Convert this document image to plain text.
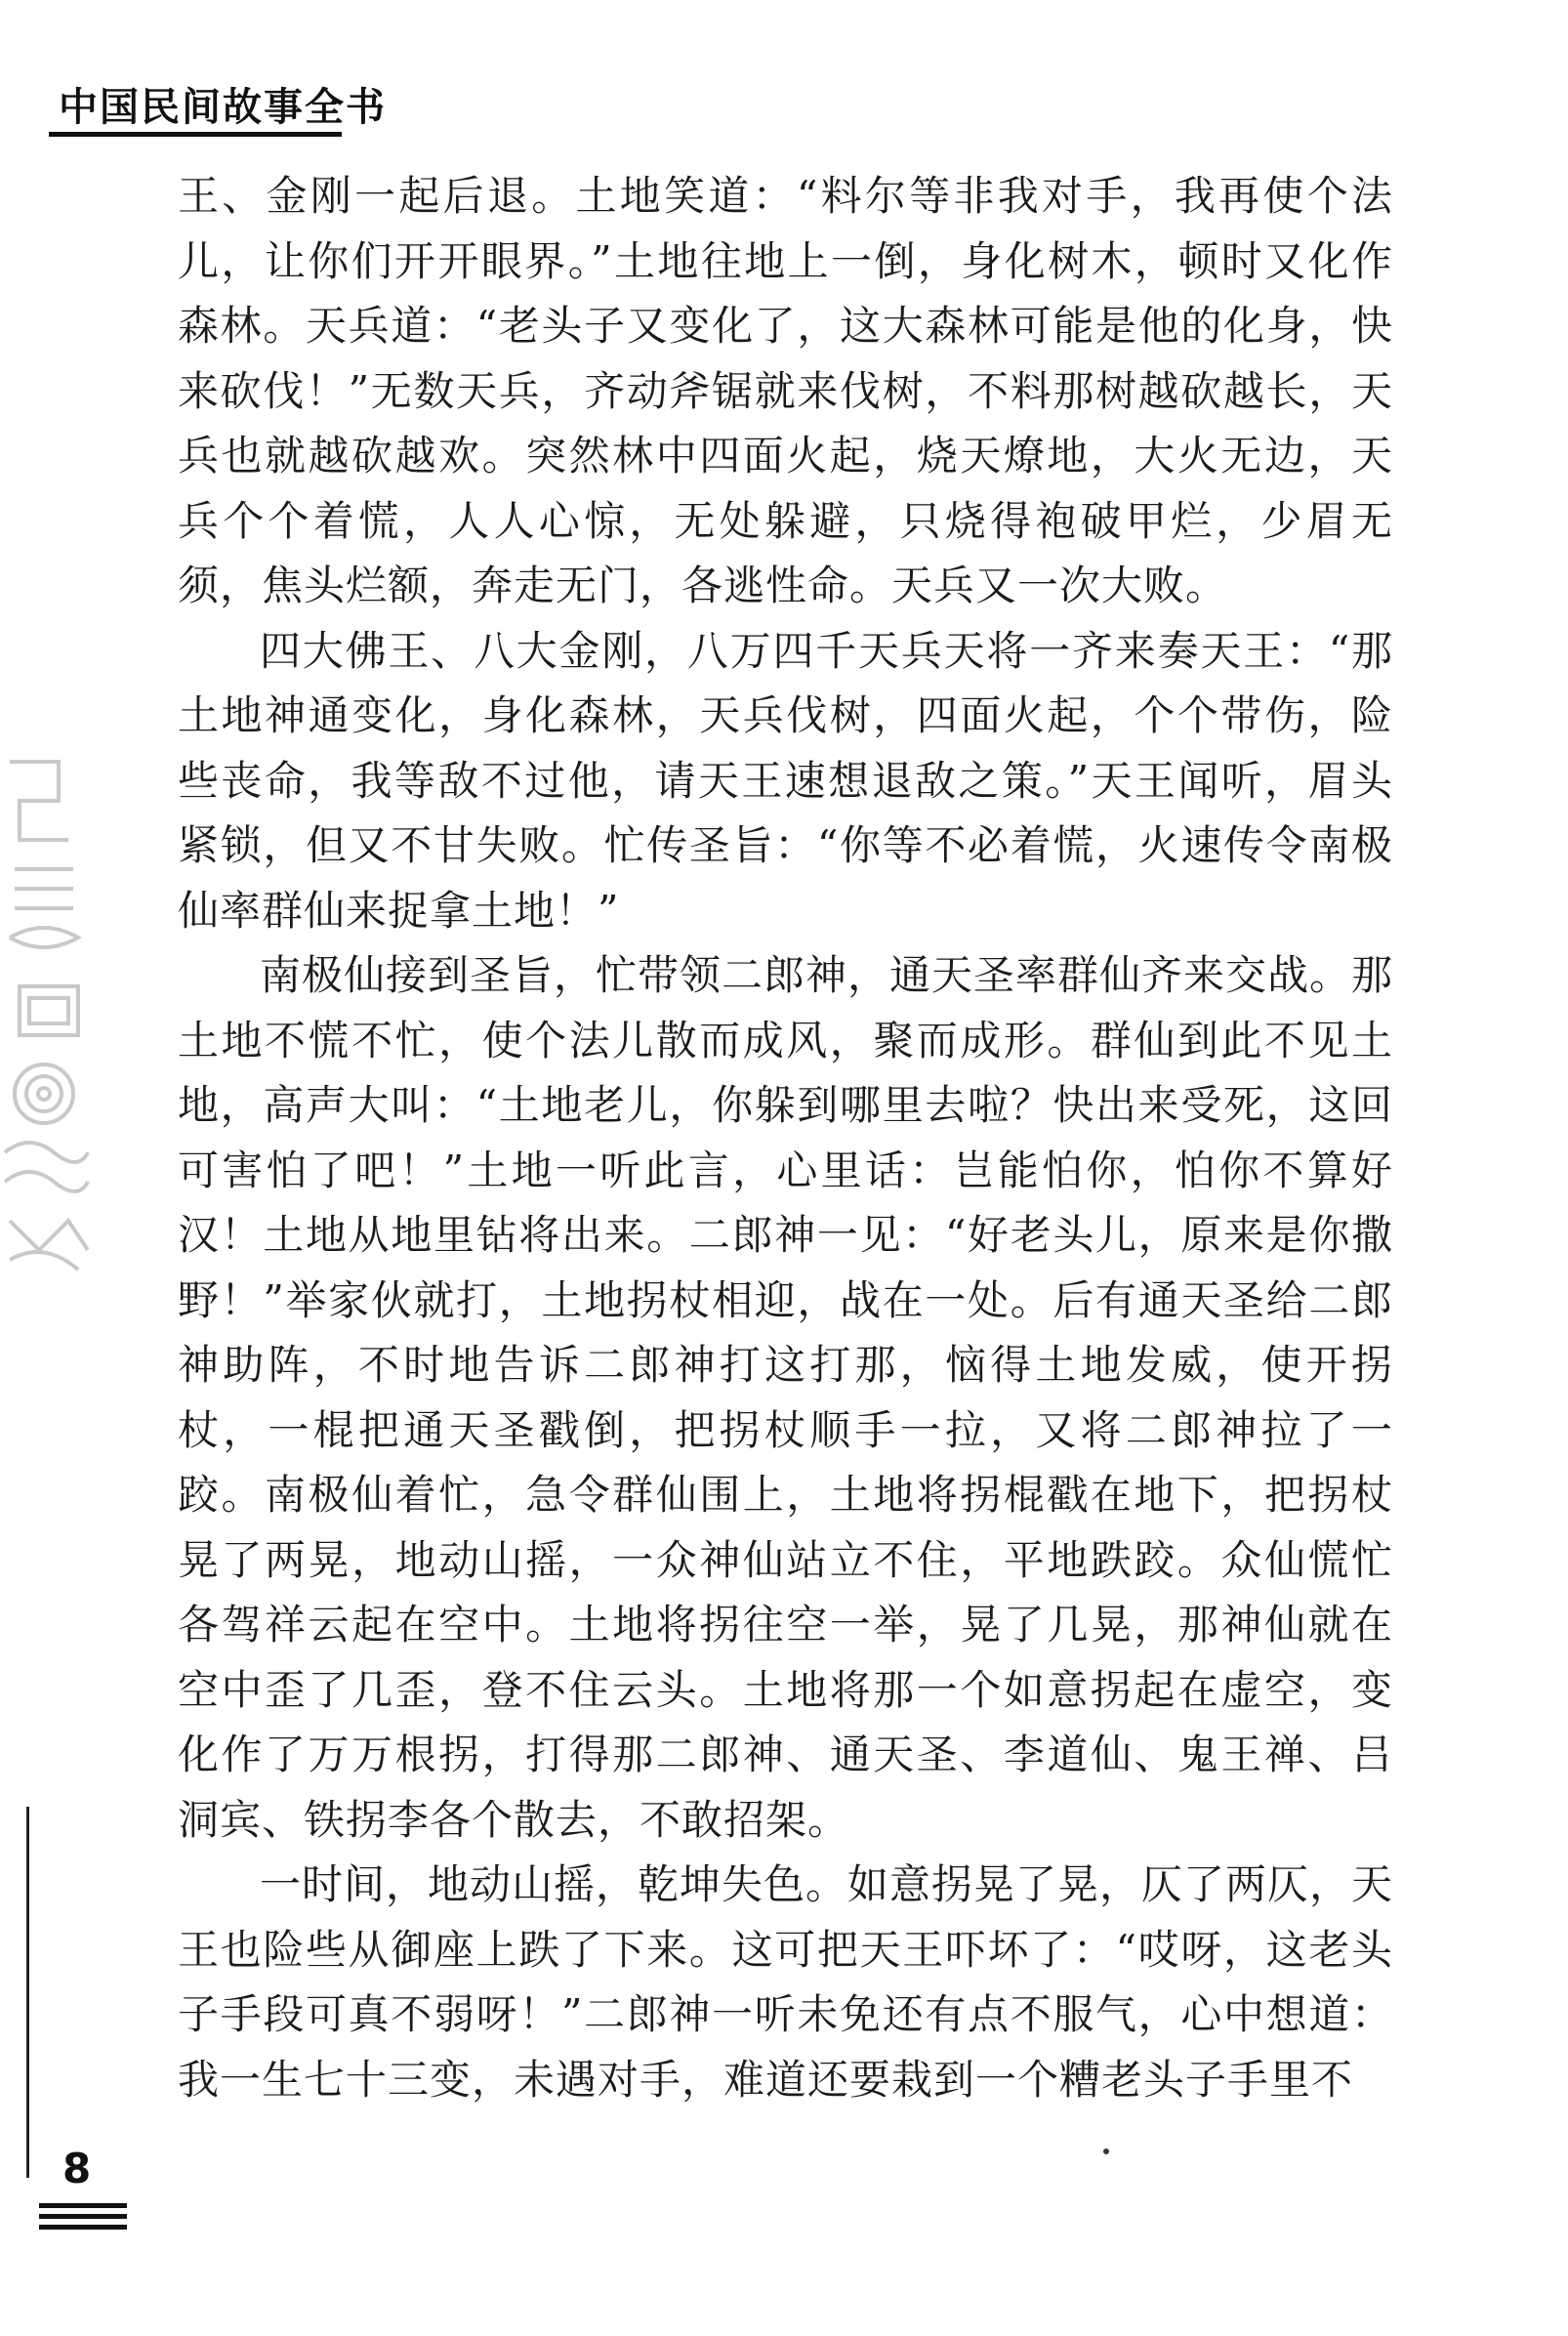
中国民间故事全书

王、金刚一起后退。土地笑道：“料尔等非我对手，我再使个法儿，让你们开开眼界。”土地往地上一倒，身化树木，顿时又化作森林。天兵道：“老头子又变化了，这大森林可能是他的化身，快来砍伐！”无数天兵，齐动斧锯就来伐树，不料那树越砍越长，天兵也就越砍越欢。突然林中四面火起，烧天燎地，大火无边，天兵个个着慌，人人心惊，无处躲避，只烧得袍破甲烂，少眉无须，焦头烂额，奔走无门，各逃性命。天兵又一次大败。

四大佛王、八大金刚，八万四千天兵天将一齐来奏天王：“那土地神通变化，身化森林，天兵伐树，四面火起，个个带伤，险些丧命，我等敌不过他，请天王速想退敌之策。”天王闻听，眉头紧锁，但又不甘失败。忙传圣旨：“你等不必着慌，火速传令南极仙率群仙来捉拿土地！”

南极仙接到圣旨，忙带领二郎神，通天圣率群仙齐来交战。那土地不慌不忙，使个法儿散而成风，聚而成形。群仙到此不见土地，高声大叫：“土地老儿，你躲到哪里去啦？快出来受死，这回可害怕了吧！”土地一听此言，心里话：岂能怕你，怕你不算好汉！土地从地里钻将出来。二郎神一见：“好老头儿，原来是你撒野！”举家伙就打，土地拐杖相迎，战在一处。后有通天圣给二郎神助阵，不时地告诉二郎神打这打那，恼得土地发威，使开拐杖，一棍把通天圣戳倒，把拐杖顺手一拉，又将二郎神拉了一跤。南极仙着忙，急令群仙围上，土地将拐棍戳在地下，把拐杖晃了两晃，地动山摇，一众神仙站立不住，平地跌跤。众仙慌忙各驾祥云起在空中。土地将拐往空一举，晃了几晃，那神仙就在空中歪了几歪，登不住云头。土地将那一个如意拐起在虚空，变化作了万万根拐，打得那二郎神、通天圣、李道仙、鬼王禅、吕洞宾、铁拐李各个散去，不敢招架。

一时间，地动山摇，乾坤失色。如意拐晃了晃，仄了两仄，天王也险些从御座上跌了下来。这可把天王吓坏了：“哎呀，这老头子手段可真不弱呀！”二郎神一听未免还有点不服气，心中想道：我一生七十三变，未遇对手，难道还要栽到一个糟老头子手里不

8
